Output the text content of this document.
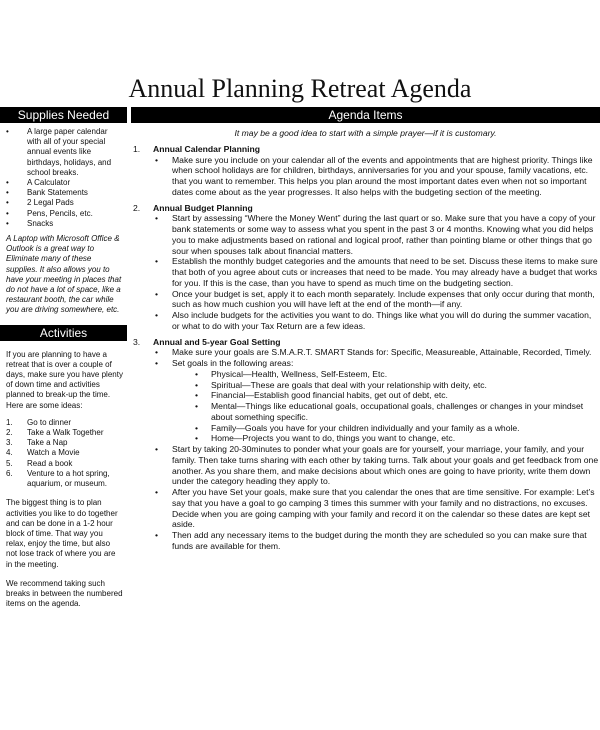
Annual Planning Retreat Agenda
Supplies Needed
• A large paper calendar with all of your special annual events like birthdays, holidays, and school breaks.
• A Calculator
• Bank Statements
• 2 Legal Pads
• Pens, Pencils, etc.
• Snacks
A Laptop with Microsoft Office & Outlook is a great way to Eliminate many of these supplies. It also allows you to have your meeting in places that do not have a lot of space, like a restaurant booth, the car while you are driving somewhere, etc.
Activities
If you are planning to have a retreat that is over a couple of days, make sure you have plenty of down time and activities planned to break-up the time. Here are some ideas:
1. Go to dinner
2. Take a Walk Together
3. Take a Nap
4. Watch a Movie
5. Read a book
6. Venture to a hot spring, aquarium, or museum.
The biggest thing is to plan activities you like to do together and can be done in a 1-2 hour block of time. That way you relax, enjoy the time, but also not lose track of where you are in the meeting.
We recommend taking such breaks in between the numbered items on the agenda.
Agenda Items
It may be a good idea to start with a simple prayer—if it is customary.
1. Annual Calendar Planning
• Make sure you include on your calendar all of the events and appointments that are highest priority. Things like when school holidays are for children, birthdays, anniversaries for you and your spouse, family vacations, etc. that you want to remember. This helps you plan around the most important dates even when not so important dates come about as the year progresses. It also helps with the budgeting section of the meeting.
2. Annual Budget Planning
• Start by assessing “Where the Money Went” during the last quart or so. Make sure that you have a copy of your bank statements or some way to assess what you spent in the past 3 or 4 months. Knowing what you did helps you to make adjustments based on rational and logical proof, rather than pointing blame or other things that go sour when spouses talk about financial matters.
• Establish the monthly budget categories and the amounts that need to be set. Discuss these items to make sure that both of you agree about cuts or increases that need to be made. You may already have a budget that works for you. If this is the case, than you have to spend as much time on the budgeting section.
• Once your budget is set, apply it to each month separately. Include expenses that only occur during that month, such as how much cushion you will have left at the end of the month—if any.
• Also include budgets for the activities you want to do. Things like what you will do during the summer vacation, or what to do with your Tax Return are a few ideas.
3. Annual and 5-year Goal Setting
• Make sure your goals are S.M.A.R.T. SMART Stands for: Specific, Measureable, Attainable, Recorded, Timely.
• Set goals in the following areas:
• Physical—Health, Wellness, Self-Esteem, Etc.
• Spiritual—These are goals that deal with your relationship with deity, etc.
• Financial—Establish good financial habits, get out of debt, etc.
• Mental—Things like educational goals, occupational goals, challenges or changes in your mindset about something specific.
• Family—Goals you have for your children individually and your family as a whole.
• Home—Projects you want to do, things you want to change, etc.
• Start by taking 20-30minutes to ponder what your goals are for yourself, your marriage, your family, and your family. Then take turns sharing with each other by taking turns. Talk about your goals and get feedback from one another. As you share them, and make decisions about which ones are going to have priority, write them down under the category heading they apply to.
• After you have Set your goals, make sure that you calendar the ones that are time sensitive. For example: Let’s say that you have a goal to go camping 3 times this summer with your family and no distractions, no excuses. Decide when you are going camping with your family and record it on the calendar so these dates are kept set aside.
• Then add any necessary items to the budget during the month they are scheduled so you can make sure that funds are available for them.
